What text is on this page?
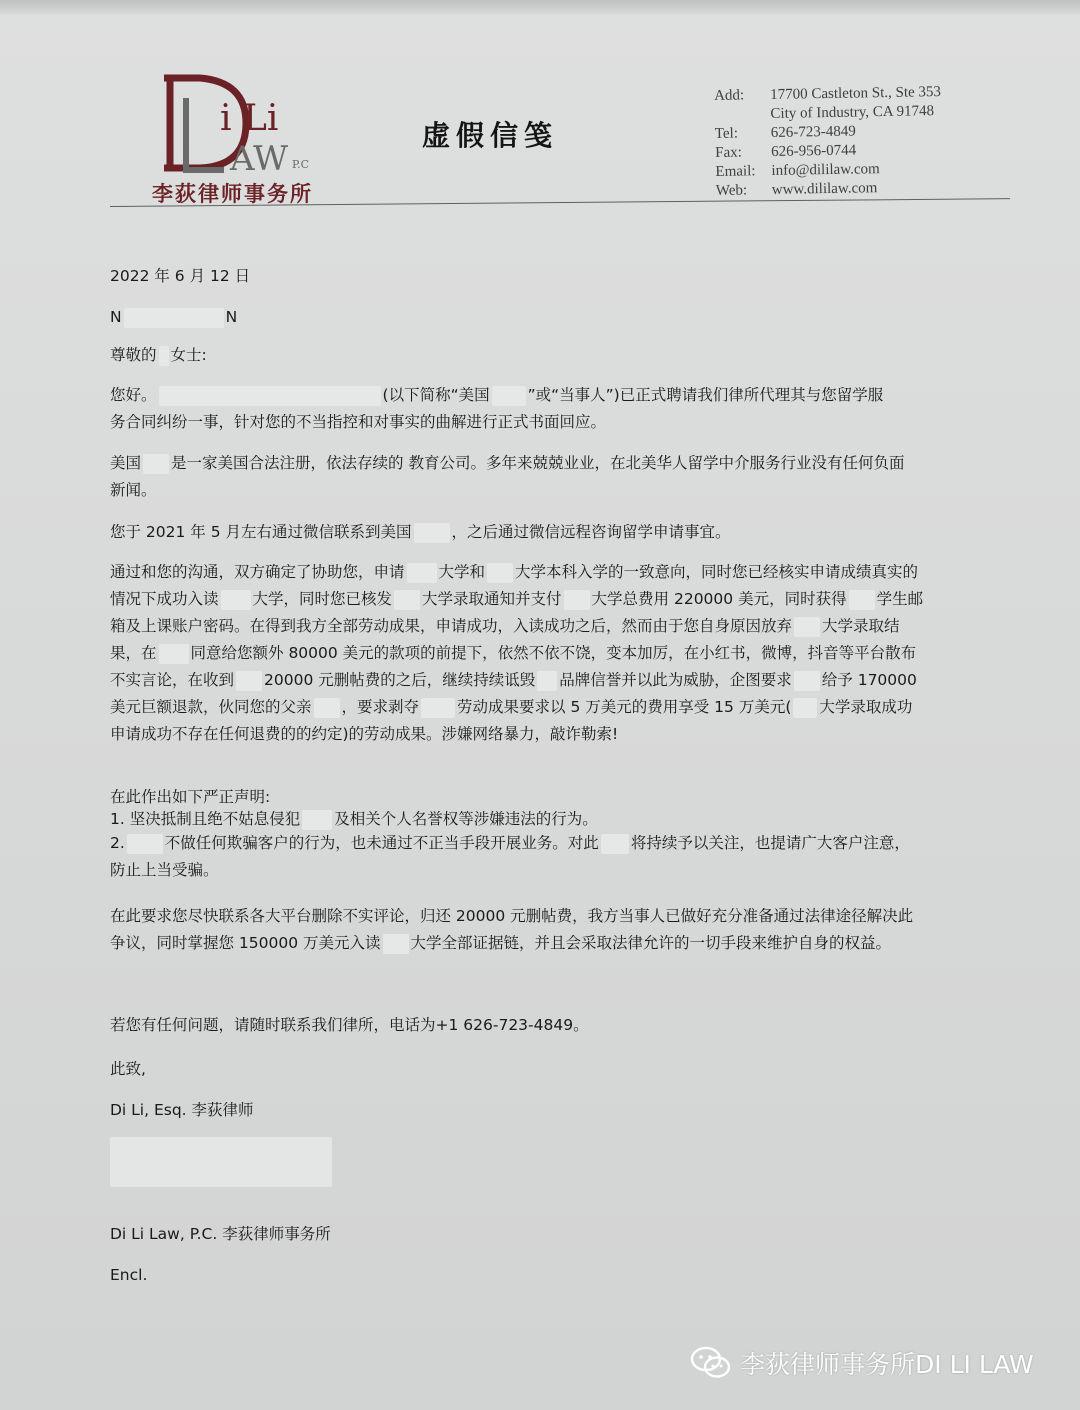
i Li
AW P.C
李荻律师事务所
虚假信笺
Add:	17700 Castleton St., Ste 353
City of Industry, CA 91748
Tel:	626-723-4849
Fax:	626-956-0744
Email:	info@dililaw.com
Web:	www.dililaw.com
2022 年 6 月 12 日
N	N
尊敬的 女士:
您好。	(以下简称“美国 ”或“当事人”)已正式聘请我们律所代理其与您留学服
务合同纠纷一事，针对您的不当指控和对事实的曲解进行正式书面回应。
美国 是一家美国合法注册，依法存续的 教育公司。多年来兢兢业业，在北美华人留学中介服务行业没有任何负面
新闻。
您于 2021 年 5 月左右通过微信联系到美国	，之后通过微信远程咨询留学申请事宜。
通过和您的沟通，双方确定了协助您，申请 大学和 大学本科入学的一致意向，同时您已经核实申请成绩真实的
情况下成功入读 大学，同时您已核发 大学录取通知并支付 大学总费用 220000 美元，同时获得 学生邮
箱及上课账户密码。在得到我方全部劳动成果，申请成功，入读成功之后，然而由于您自身原因放弃 大学录取结
果，在 同意给您额外 80000 美元的款项的前提下，依然不依不饶，变本加厉，在小红书，微博，抖音等平台散布
不实言论，在收到 20000 元删帖费的之后，继续持续诋毁 品牌信誉并以此为威胁，企图要求 给予 170000
美元巨额退款，伙同您的父亲 ，要求剥夺 劳动成果要求以 5 万美元的费用享受 15 万美元( 大学录取成功
申请成功不存在任何退费的的约定)的劳动成果。涉嫌网络暴力，敲诈勒索!
在此作出如下严正声明:
1. 坚决抵制且绝不姑息侵犯 及相关个人名誉权等涉嫌违法的行为。
2.	不做任何欺骗客户的行为，也未通过不正当手段开展业务。对此 将持续予以关注，也提请广大客户注意，
防止上当受骗。
在此要求您尽快联系各大平台删除不实评论，归还 20000 元删帖费，我方当事人已做好充分准备通过法律途径解决此
争议，同时掌握您 150000 万美元入读 大学全部证据链，并且会采取法律允许的一切手段来维护自身的权益。
若您有任何问题，请随时联系我们律所，电话为+1 626-723-4849。
此致,
Di Li, Esq. 李荻律师
Di Li Law, P.C. 李荻律师事务所
Encl.
李荻律师事务所DI LI LAW
